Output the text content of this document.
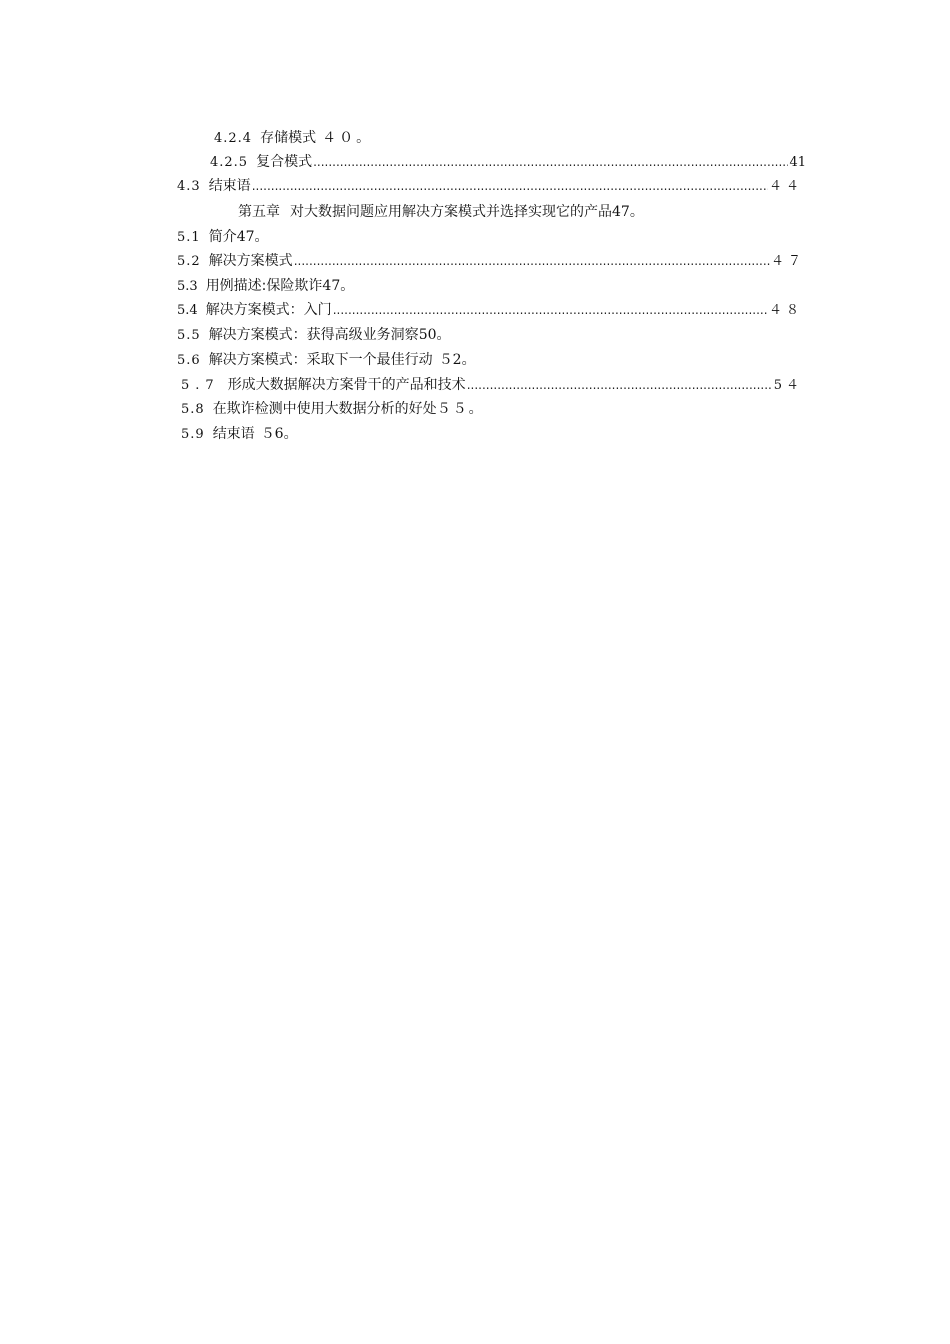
4.2.4 存储模式 ４０。
4.2.5 复合模式 .....	41
4.3 结束语 .....	４４
第五章 对大数据问题应用解决方案模式并选择实现它的产品 47。
5.1 简介 47。
5.2 解决方案模式 .....	４７
5.3 用例描述:保险欺诈 47。
5.4 解决方案模式：入门 .....	４８
5.5 解决方案模式：获得高级业务洞察 50。
5.6 解决方案模式：采取下一个最佳行动 ５2。
5.7 形成大数据解决方案骨干的产品和技术 .....	5４
5.8 在欺诈检测中使用大数据分析的好处 ５５。
5.9 结束语 ５6。
